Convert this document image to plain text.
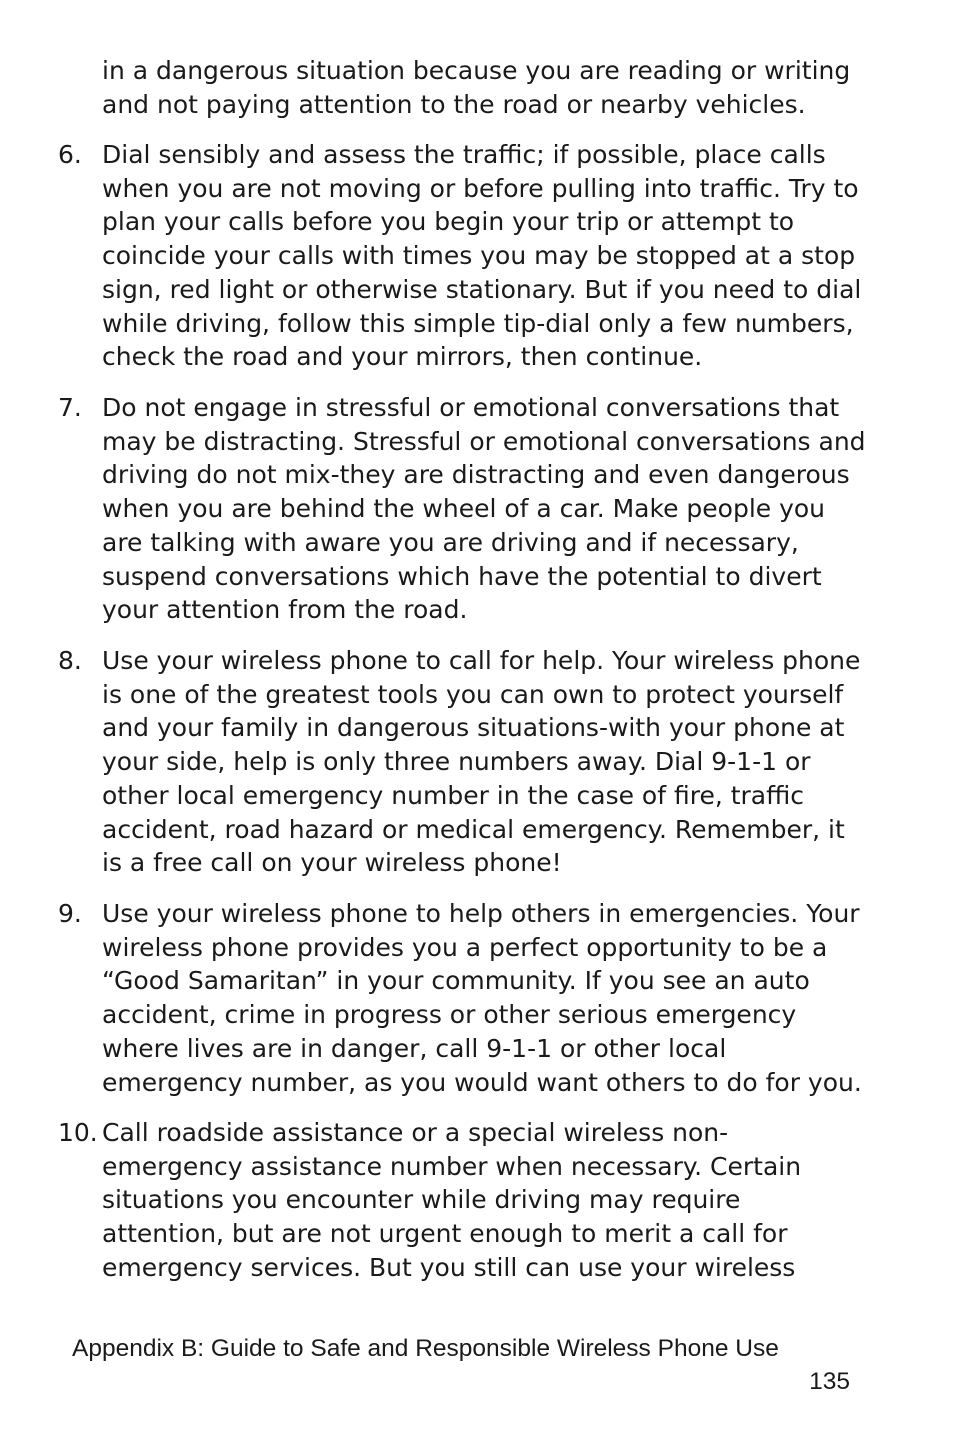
in a dangerous situation because you are reading or writing
and not paying attention to the road or nearby vehicles.

6. Dial sensibly and assess the traffic; if possible, place calls
when you are not moving or before pulling into traffic. Try to
plan your calls before you begin your trip or attempt to
coincide your calls with times you may be stopped at a stop
sign, red light or otherwise stationary. But if you need to dial
while driving, follow this simple tip-dial only a few numbers,
check the road and your mirrors, then continue.
7. Do not engage in stressful or emotional conversations that
may be distracting. Stressful or emotional conversations and
driving do not mix-they are distracting and even dangerous
when you are behind the wheel of a car. Make people you
are talking with aware you are driving and if necessary,
suspend conversations which have the potential to divert
your attention from the road.
8. Use your wireless phone to call for help. Your wireless phone
is one of the greatest tools you can own to protect yourself
and your family in dangerous situations-with your phone at
your side, help is only three numbers away. Dial 9-1-1 or
other local emergency number in the case of fire, traffic
accident, road hazard or medical emergency. Remember, it
is a free call on your wireless phone!
9. Use your wireless phone to help others in emergencies. Your
wireless phone provides you a perfect opportunity to be a
“Good Samaritan” in your community. If you see an auto
accident, crime in progress or other serious emergency
where lives are in danger, call 9-1-1 or other local
emergency number, as you would want others to do for you.
10. Call roadside assistance or a special wireless non-
emergency assistance number when necessary. Certain
situations you encounter while driving may require
attention, but are not urgent enough to merit a call for
emergency services. But you still can use your wireless
Appendix B: Guide to Safe and Responsible Wireless Phone Use
135
